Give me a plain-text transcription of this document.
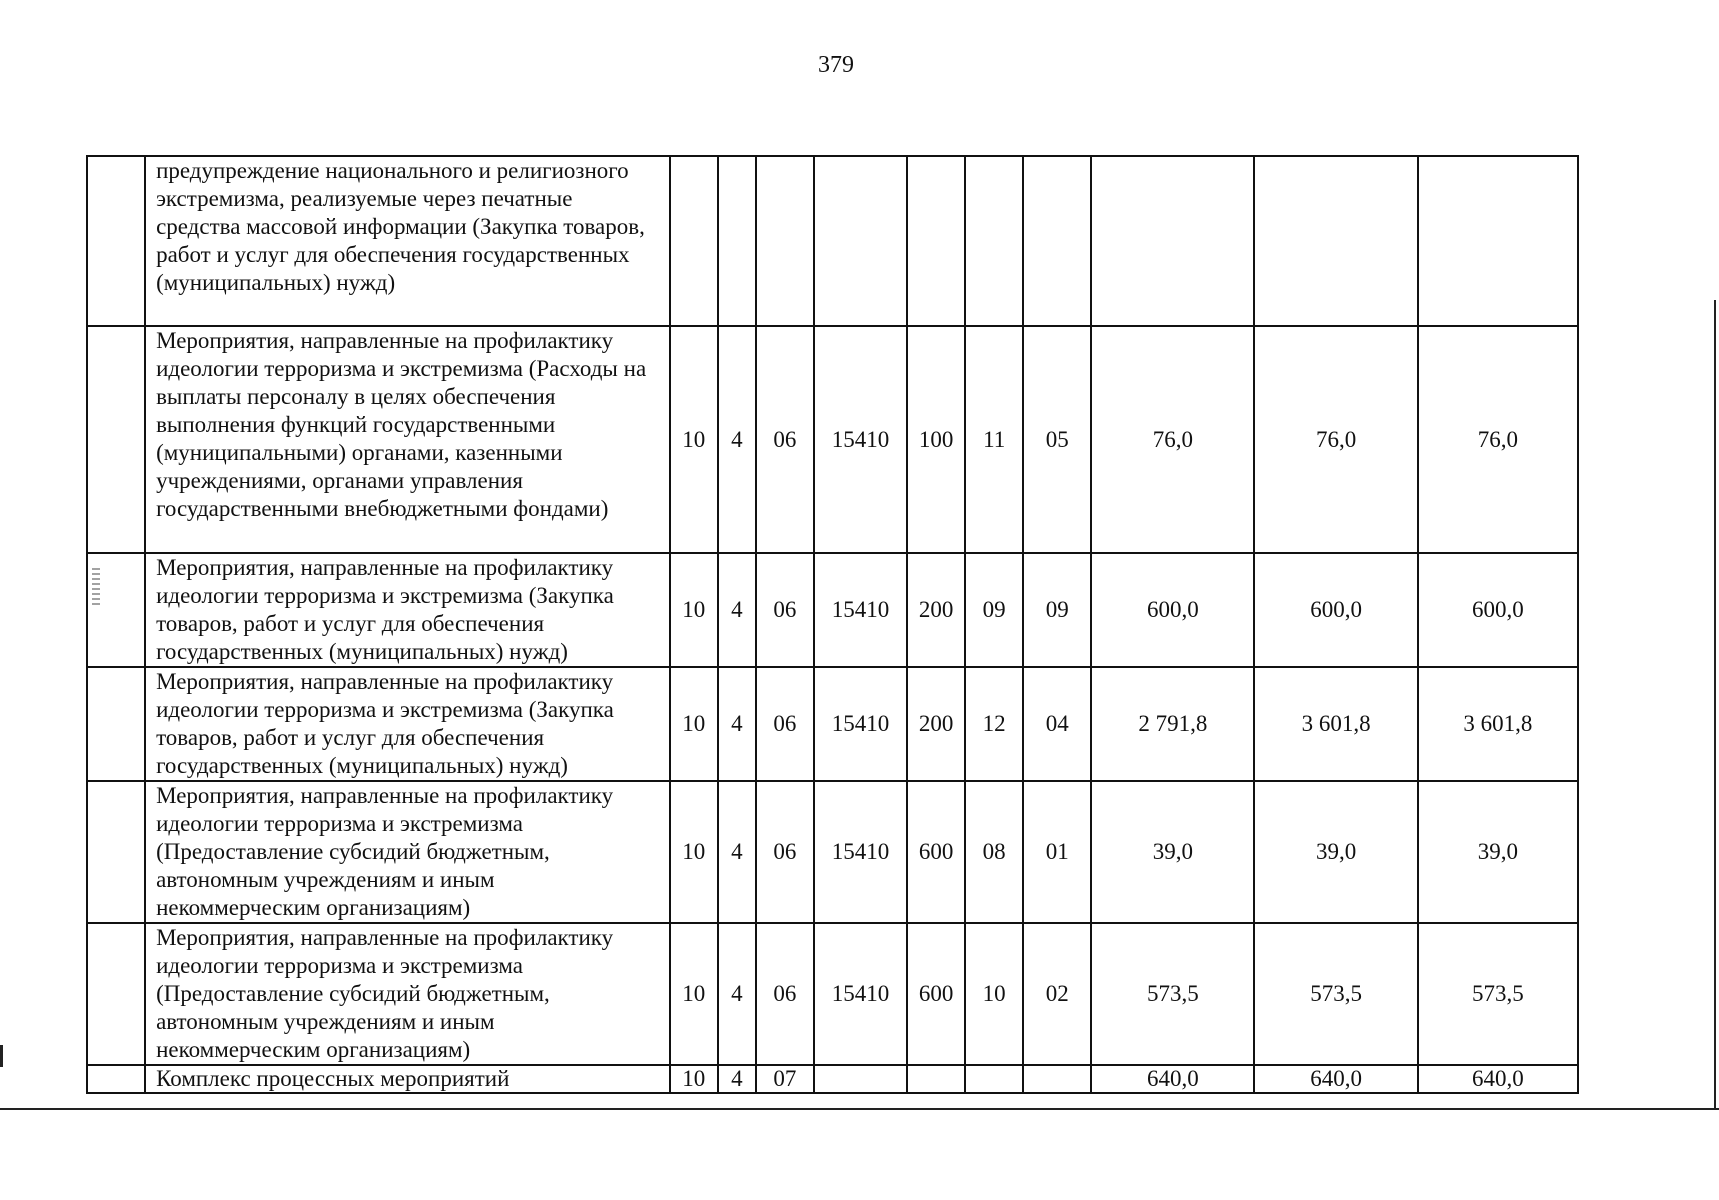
379
	предупреждение национального и религиозного экстремизма, реализуемые через печатные средства массовой информации (Закупка товаров, работ и услуг для обеспечения государственных (муниципальных) нужд)										
	Мероприятия, направленные на профилактику идеологии терроризма и экстремизма (Расходы на выплаты персоналу в целях обеспечения выполнения функций государственными (муниципальными) органами, казенными учреждениями, органами управления государственными внебюджетными фондами)	10	4	06	15410	100	11	05	76,0	76,0	76,0
	Мероприятия, направленные на профилактику идеологии терроризма и экстремизма (Закупка товаров, работ и услуг для обеспечения государственных (муниципальных) нужд)	10	4	06	15410	200	09	09	600,0	600,0	600,0
	Мероприятия, направленные на профилактику идеологии терроризма и экстремизма (Закупка товаров, работ и услуг для обеспечения государственных (муниципальных) нужд)	10	4	06	15410	200	12	04	2 791,8	3 601,8	3 601,8
	Мероприятия, направленные на профилактику идеологии терроризма и экстремизма (Предоставление субсидий бюджетным, автономным учреждениям и иным некоммерческим организациям)	10	4	06	15410	600	08	01	39,0	39,0	39,0
	Мероприятия, направленные на профилактику идеологии терроризма и экстремизма (Предоставление субсидий бюджетным, автономным учреждениям и иным некоммерческим организациям)	10	4	06	15410	600	10	02	573,5	573,5	573,5
	Комплекс процессных мероприятий	10	4	07					640,0	640,0	640,0
